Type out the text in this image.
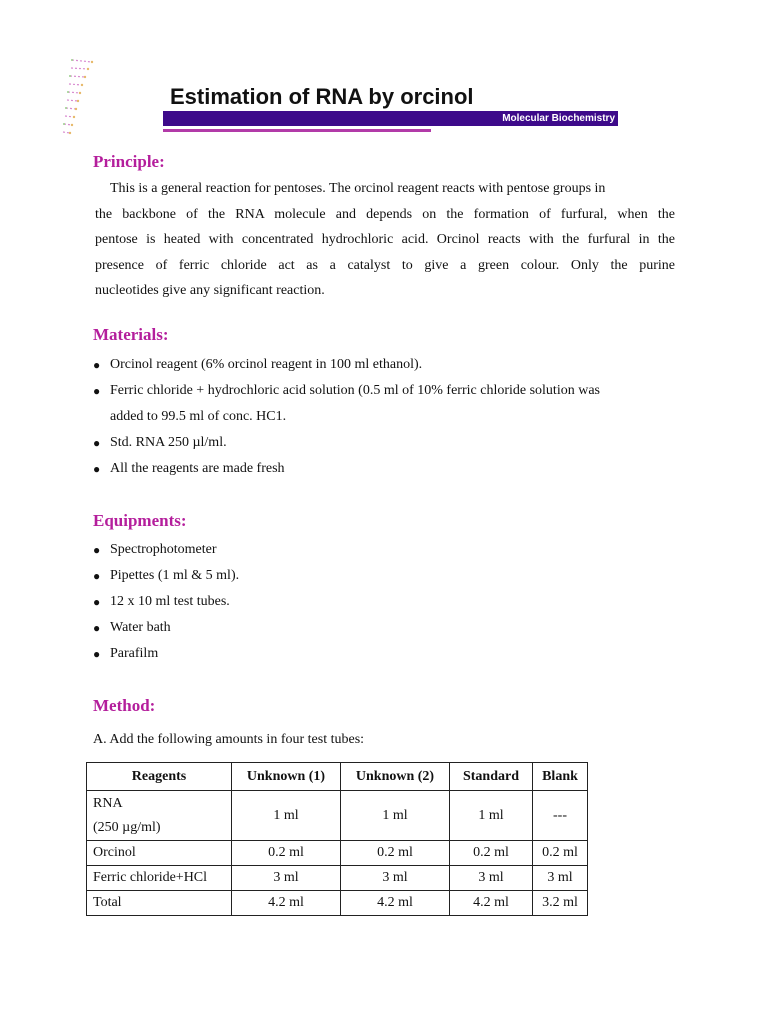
Estimation of RNA by orcinol
Molecular Biochemistry
Principle:
This is a general reaction for pentoses. The orcinol reagent reacts with pentose groups in
the backbone of the RNA molecule and depends on the formation of furfural, when the
pentose is heated with concentrated hydrochloric acid. Orcinol reacts with the furfural in the
presence of ferric chloride act as a catalyst to give a green colour. Only the purine
nucleotides give any significant reaction.
Materials:
● Orcinol reagent (6% orcinol reagent in 100 ml ethanol).
● Ferric chloride + hydrochloric acid solution (0.5 ml of 10% ferric chloride solution was
added to 99.5 ml of conc. HC1.
● Std. RNA 250 µl/ml.
● All the reagents are made fresh
Equipments:
● Spectrophotometer
● Pipettes (1 ml & 5 ml).
● 12 x 10 ml test tubes.
● Water bath
● Parafilm
Method:
A. Add the following amounts in four test tubes:
Reagents	Unknown (1)	Unknown (2)	Standard	Blank

RNA
(250 µg/ml)	1 ml	1 ml	1 ml	---
Orcinol	0.2 ml	0.2 ml	0.2 ml	0.2 ml
Ferric chloride+HCl	3 ml	3 ml	3 ml	3 ml
Total	4.2 ml	4.2 ml	4.2 ml	3.2 ml
